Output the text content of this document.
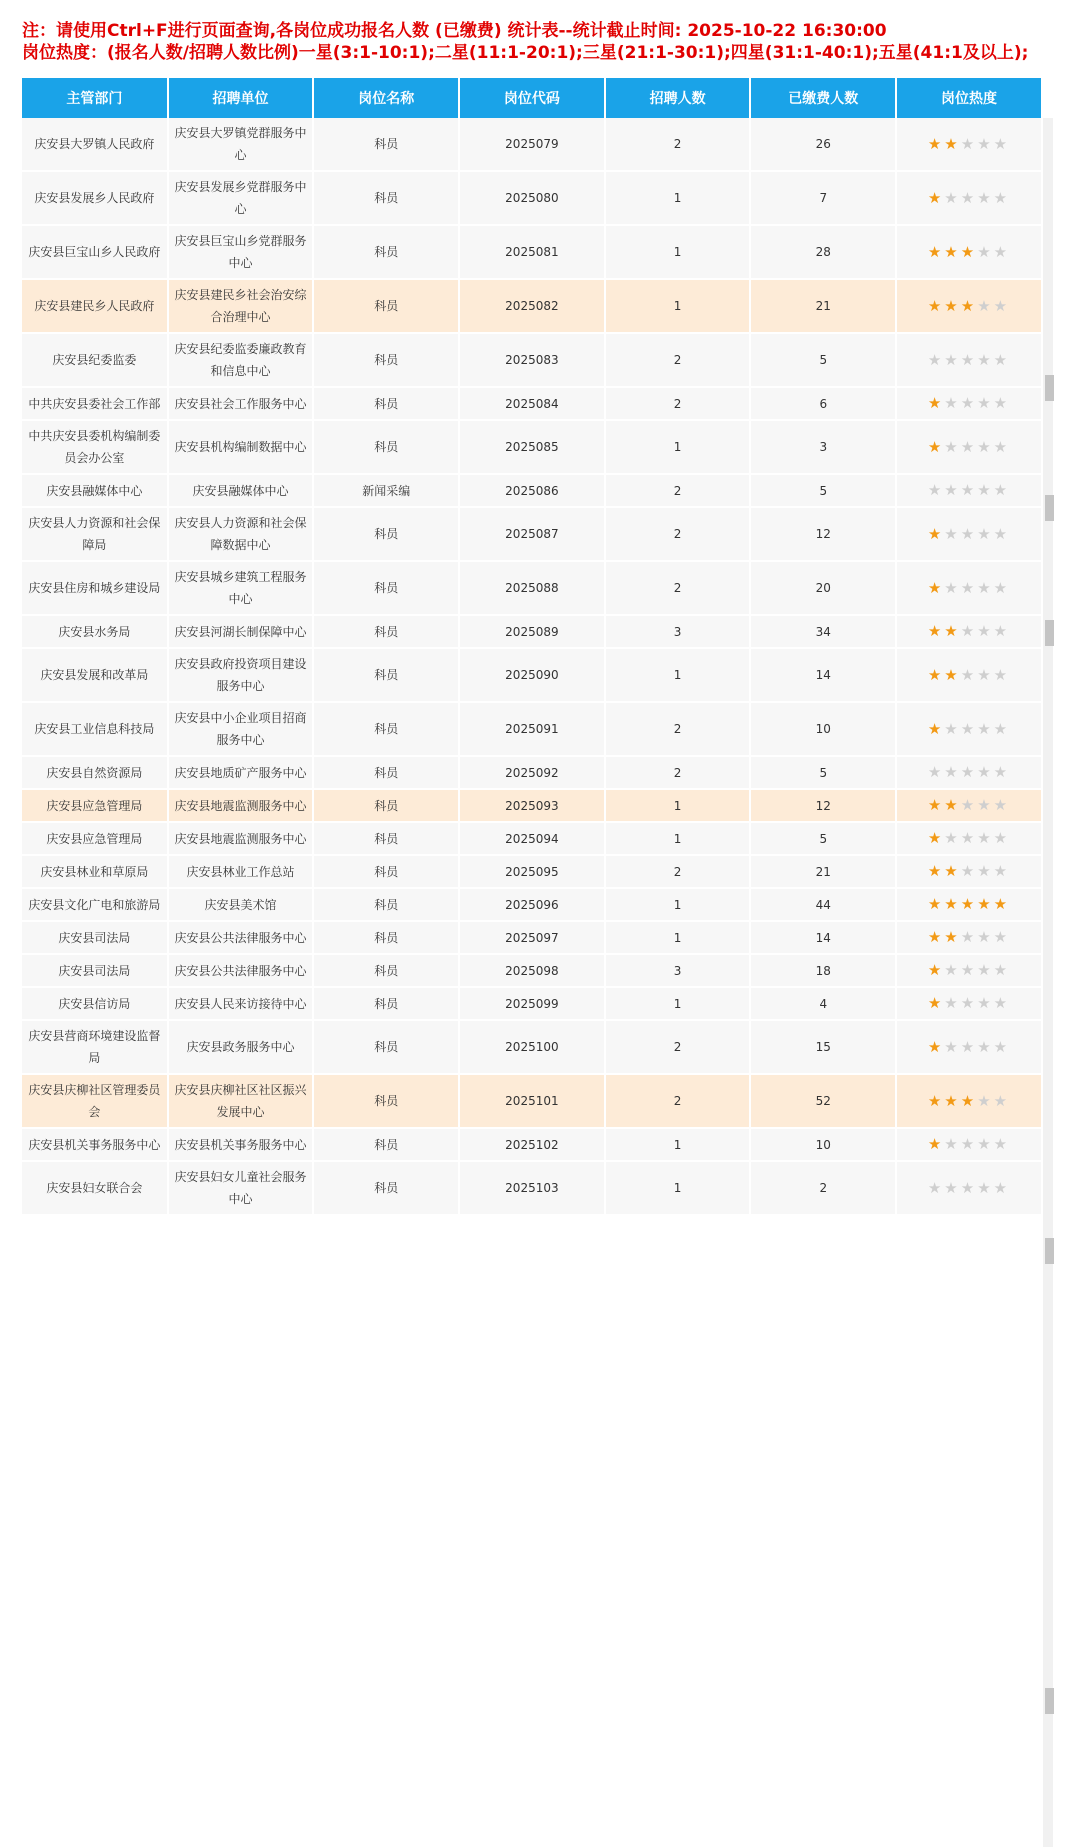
注：请使用Ctrl+F进行页面查询,各岗位成功报名人数 (已缴费) 统计表--统计截止时间: 2025-10-22 16:30:00
岗位热度：(报名人数/招聘人数比例)一星(3:1-10:1);二星(11:1-20:1);三星(21:1-30:1);四星(31:1-40:1);五星(41:1及以上);
主管部门	招聘单位	岗位名称	岗位代码	招聘人数	已缴费人数	岗位热度
庆安县大罗镇人民政府	庆安县大罗镇党群服务中心	科员	2025079	2	26	★★★★★
庆安县发展乡人民政府	庆安县发展乡党群服务中心	科员	2025080	1	7	★★★★★
庆安县巨宝山乡人民政府	庆安县巨宝山乡党群服务中心	科员	2025081	1	28	★★★★★
庆安县建民乡人民政府	庆安县建民乡社会治安综合治理中心	科员	2025082	1	21	★★★★★
庆安县纪委监委	庆安县纪委监委廉政教育和信息中心	科员	2025083	2	5	★★★★★
中共庆安县委社会工作部	庆安县社会工作服务中心	科员	2025084	2	6	★★★★★
中共庆安县委机构编制委员会办公室	庆安县机构编制数据中心	科员	2025085	1	3	★★★★★
庆安县融媒体中心	庆安县融媒体中心	新闻采编	2025086	2	5	★★★★★
庆安县人力资源和社会保障局	庆安县人力资源和社会保障数据中心	科员	2025087	2	12	★★★★★
庆安县住房和城乡建设局	庆安县城乡建筑工程服务中心	科员	2025088	2	20	★★★★★
庆安县水务局	庆安县河湖长制保障中心	科员	2025089	3	34	★★★★★
庆安县发展和改革局	庆安县政府投资项目建设服务中心	科员	2025090	1	14	★★★★★
庆安县工业信息科技局	庆安县中小企业项目招商服务中心	科员	2025091	2	10	★★★★★
庆安县自然资源局	庆安县地质矿产服务中心	科员	2025092	2	5	★★★★★
庆安县应急管理局	庆安县地震监测服务中心	科员	2025093	1	12	★★★★★
庆安县应急管理局	庆安县地震监测服务中心	科员	2025094	1	5	★★★★★
庆安县林业和草原局	庆安县林业工作总站	科员	2025095	2	21	★★★★★
庆安县文化广电和旅游局	庆安县美术馆	科员	2025096	1	44	★★★★★
庆安县司法局	庆安县公共法律服务中心	科员	2025097	1	14	★★★★★
庆安县司法局	庆安县公共法律服务中心	科员	2025098	3	18	★★★★★
庆安县信访局	庆安县人民来访接待中心	科员	2025099	1	4	★★★★★
庆安县营商环境建设监督局	庆安县政务服务中心	科员	2025100	2	15	★★★★★
庆安县庆柳社区管理委员会	庆安县庆柳社区社区振兴发展中心	科员	2025101	2	52	★★★★★
庆安县机关事务服务中心	庆安县机关事务服务中心	科员	2025102	1	10	★★★★★
庆安县妇女联合会	庆安县妇女儿童社会服务中心	科员	2025103	1	2	★★★★★
